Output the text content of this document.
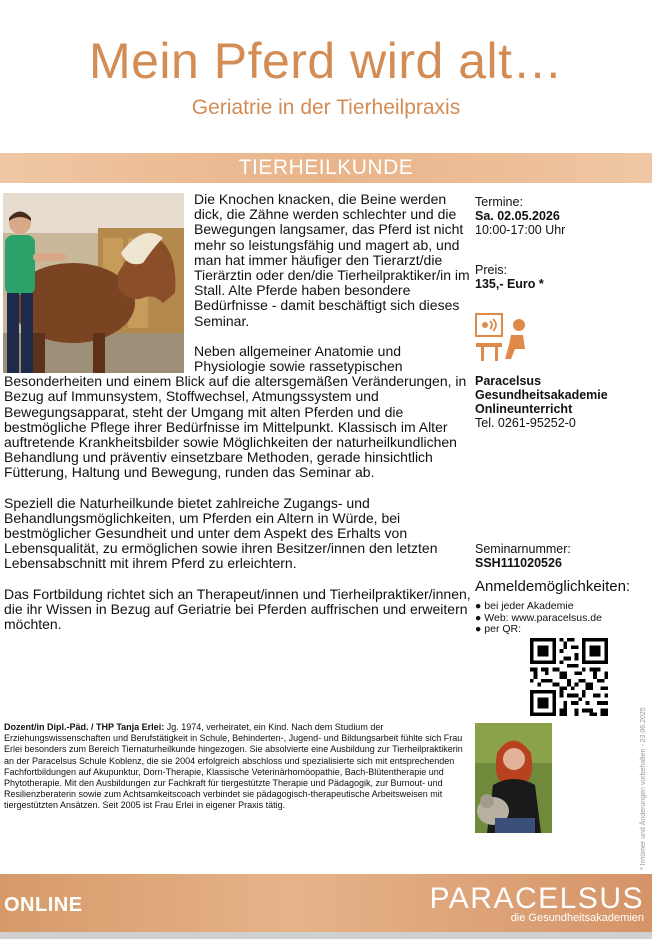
Mein Pferd wird alt…
Geriatrie in der Tierheilpraxis
TIERHEILKUNDE

Die Knochen knacken, die Beine werden dick, die Zähne werden schlechter und die Bewegungen langsamer, das Pferd ist nicht mehr so leistungsfähig und magert ab, und man hat immer häufiger den Tierarzt/die Tierärztin oder den/die Tierheilpraktiker/in im Stall. Alte Pferde haben besondere Bedürfnisse - damit beschäftigt sich dieses Seminar.

Neben allgemeiner Anatomie und Physiologie sowie rassetypischen Besonderheiten und einem Blick auf die altersgemäßen Veränderungen, in Bezug auf Immunsystem, Stoffwechsel, Atmungssystem und Bewegungsapparat, steht der Umgang mit alten Pferden und die bestmögliche Pflege ihrer Bedürfnisse im Mittelpunkt. Klassisch im Alter auftretende Krankheitsbilder sowie Möglichkeiten der naturheilkundlichen Behandlung und präventiv einsetzbare Methoden, gerade hinsichtlich Fütterung, Haltung und Bewegung, runden das Seminar ab.

Speziell die Naturheilkunde bietet zahlreiche Zugangs- und Behandlungsmöglichkeiten, um Pferden ein Altern in Würde, bei bestmöglicher Gesundheit und unter dem Aspekt des Erhalts von Lebensqualität, zu ermöglichen sowie ihren Besitzer/innen den letzten Lebensabschnitt mit ihrem Pferd zu erleichtern.

Das Fortbildung richtet sich an Therapeut/innen und Tierheilpraktiker/innen, die ihr Wissen in Bezug auf Geriatrie bei Pferden auffrischen und erweitern möchten.

Termine:
Sa. 02.05.2026
10:00-17:00 Uhr
Preis:
135,- Euro *
Paracelsus
Gesundheitsakademie
Onlineunterricht
Tel. 0261-95252-0
Seminarnummer:
SSH111020526
Anmeldemöglichkeiten:
● bei jeder Akademie
● Web: www.paracelsus.de
● per QR:
Dozent/in Dipl.-Päd. / THP Tanja Erlei: Jg. 1974, verheiratet, ein Kind. Nach dem Studium der Erziehungswissenschaften und Berufstätigkeit in Schule, Behinderten-, Jugend- und Bildungsarbeit fühlte sich Frau Erlei besonders zum Bereich Tiernaturheilkunde hingezogen. Sie absolvierte eine Ausbildung zur Tierheilpraktikerin an der Paracelsus Schule Koblenz, die sie 2004 erfolgreich abschloss und spezialisierte sich mit entsprechenden Fachfortbildungen auf Akupunktur, Dorn-Therapie, Klassische Veterinärhomöopathie, Bach-Blütentherapie und Phytotherapie. Mit den Ausbildungen zur Fachkraft für tiergestützte Therapie und Pädagogik, zur Burnout- und Resilienzberaterin sowie zum Achtsamkeitscoach verbindet sie pädagogisch-therapeutische Arbeitsweisen mit tiergestützten Ansätzen. Seit 2005 ist Frau Erlei in eigener Praxis tätig.	* Irrtümer und Änderungen vorbehalten - 23.06.2025
ONLINE	PARACELSUS
die Gesundheitsakademien
